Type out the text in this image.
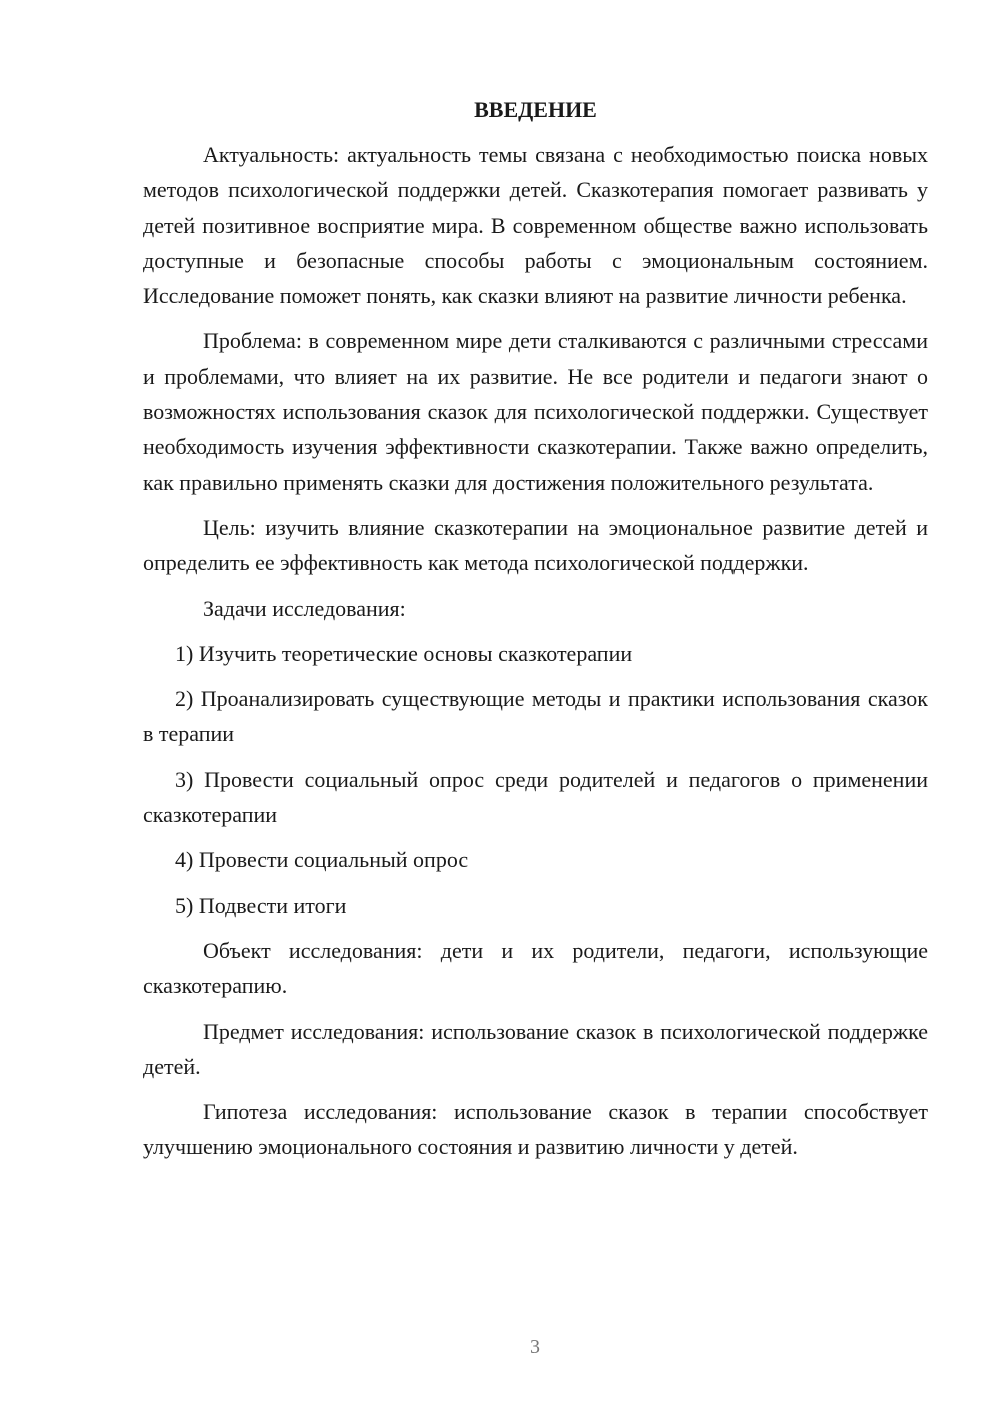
ВВЕДЕНИЕ

Актуальность: актуальность темы связана с необходимостью поиска новых методов психологической поддержки детей. Сказкотерапия помогает развивать у детей позитивное восприятие мира. В современном обществе важно использовать доступные и безопасные способы работы с эмоциональным состоянием. Исследование поможет понять, как сказки влияют на развитие личности ребенка.

Проблема: в современном мире дети сталкиваются с различными стрессами и проблемами, что влияет на их развитие. Не все родители и педагоги знают о возможностях использования сказок для психологической поддержки. Существует необходимость изучения эффективности сказкотерапии. Также важно определить, как правильно применять сказки для достижения положительного результата.

Цель: изучить влияние сказкотерапии на эмоциональное развитие детей и определить ее эффективность как метода психологической поддержки.

Задачи исследования:

1) Изучить теоретические основы сказкотерапии

2) Проанализировать существующие методы и практики использования сказок в терапии

3) Провести социальный опрос среди родителей и педагогов о применении сказкотерапии

4) Провести социальный опрос

5) Подвести итоги

Объект исследования: дети и их родители, педагоги, использующие сказкотерапию.

Предмет исследования: использование сказок в психологической поддержке детей.

Гипотеза исследования: использование сказок в терапии способствует улучшению эмоционального состояния и развитию личности у детей.

3
